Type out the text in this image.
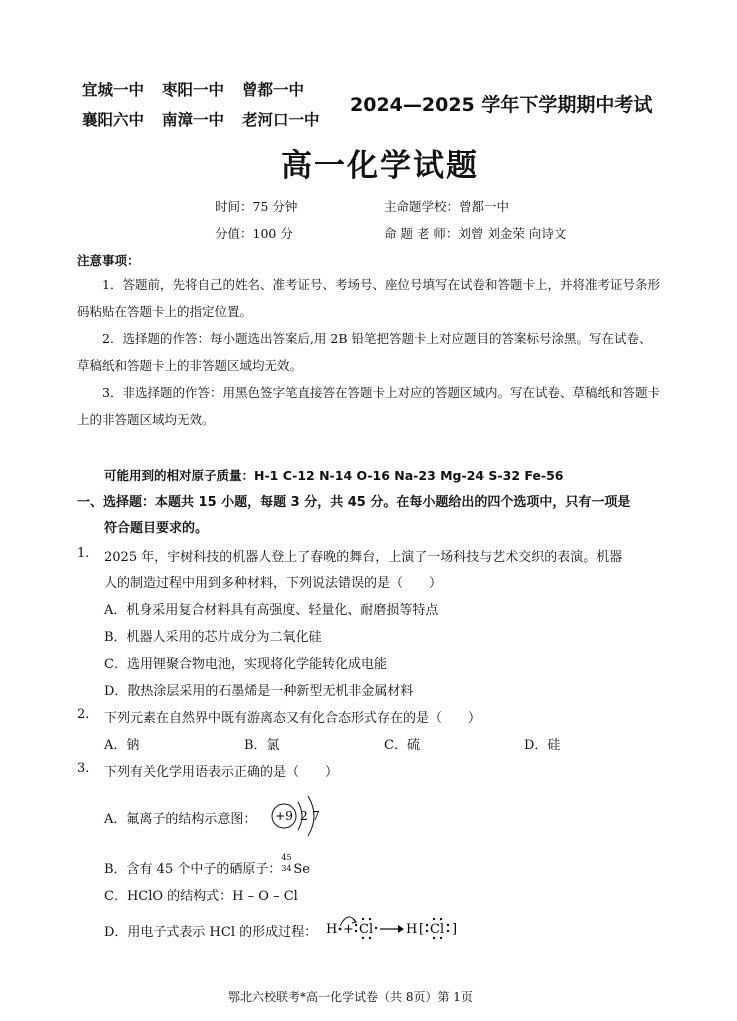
宜城一中 枣阳一中 曾都一中
襄阳六中 南漳一中 老河口一中
2024—2025 学年下学期期中考试
高一化学试题
时间：75 分钟	主命题学校：曾都一中
分值：100 分	命 题 老 师：刘曾 刘金荣 向诗文
注意事项：
1．答题前，先将自己的姓名、准考证号、考场号、座位号填写在试卷和答题卡上，并将准考证号条形码粘贴在答题卡上的指定位置。
2．选择题的作答：每小题选出答案后,用 2B 铅笔把答题卡上对应题目的答案标号涂黑。写在试卷、草稿纸和答题卡上的非答题区域均无效。
3．非选择题的作答：用黑色签字笔直接答在答题卡上对应的答题区域内。写在试卷、草稿纸和答题卡上的非答题区域均无效。
可能用到的相对原子质量：H-1 C-12 N-14 O-16 Na-23 Mg-24 S-32 Fe-56
一、选择题：本题共 15 小题，每题 3 分，共 45 分。在每小题给出的四个选项中，只有一项是
符合题目要求的。
1. 2025 年，宇树科技的机器人登上了春晚的舞台，上演了一场科技与艺术交织的表演。机器
人的制造过程中用到多种材料，下列说法错误的是（　　）
A．机身采用复合材料具有高强度、轻量化、耐磨损等特点
B．机器人采用的芯片成分为二氧化硅
C．选用锂聚合物电池，实现将化学能转化成电能
D．散热涂层采用的石墨烯是一种新型无机非金属材料
2. 下列元素在自然界中既有游离态又有化合态形式存在的是（　　）
A．钠	B．氯	C．硫	D．硅
3. 下列有关化学用语表示正确的是（　　）
A．氟离子的结构示意图： +9 2 7
B．含有 45 个中子的硒原子：
45
34 Se
C．HClO 的结构式：H – O – Cl
D．用电子式表示 HCl 的形成过程： H + Cl	H [ Cl ]
鄂北六校联考*高一化学试卷（共 8页）第 1页
